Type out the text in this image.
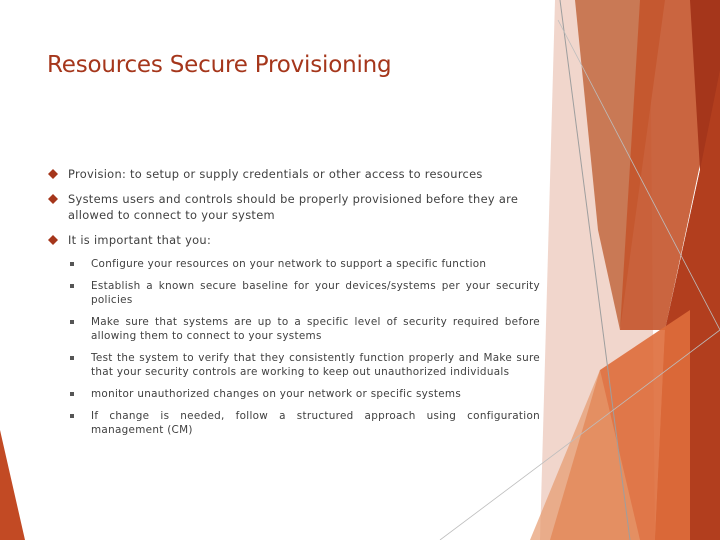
Resources Secure Provisioning
Provision: to setup or supply credentials or other access to resources
Systems users and controls should be properly provisioned before they are allowed to connect to your system
It is important that you:
Configure your resources on your network to support a specific function
Establish a known secure baseline for your devices/systems per your security policies
Make sure that systems are up to a specific level of security required before allowing them to connect to your systems
Test the system to verify that they consistently function properly and Make sure that your security controls are working to keep out unauthorized individuals
monitor unauthorized changes on your network or specific systems
If change is needed, follow a structured approach using configuration management (CM)
